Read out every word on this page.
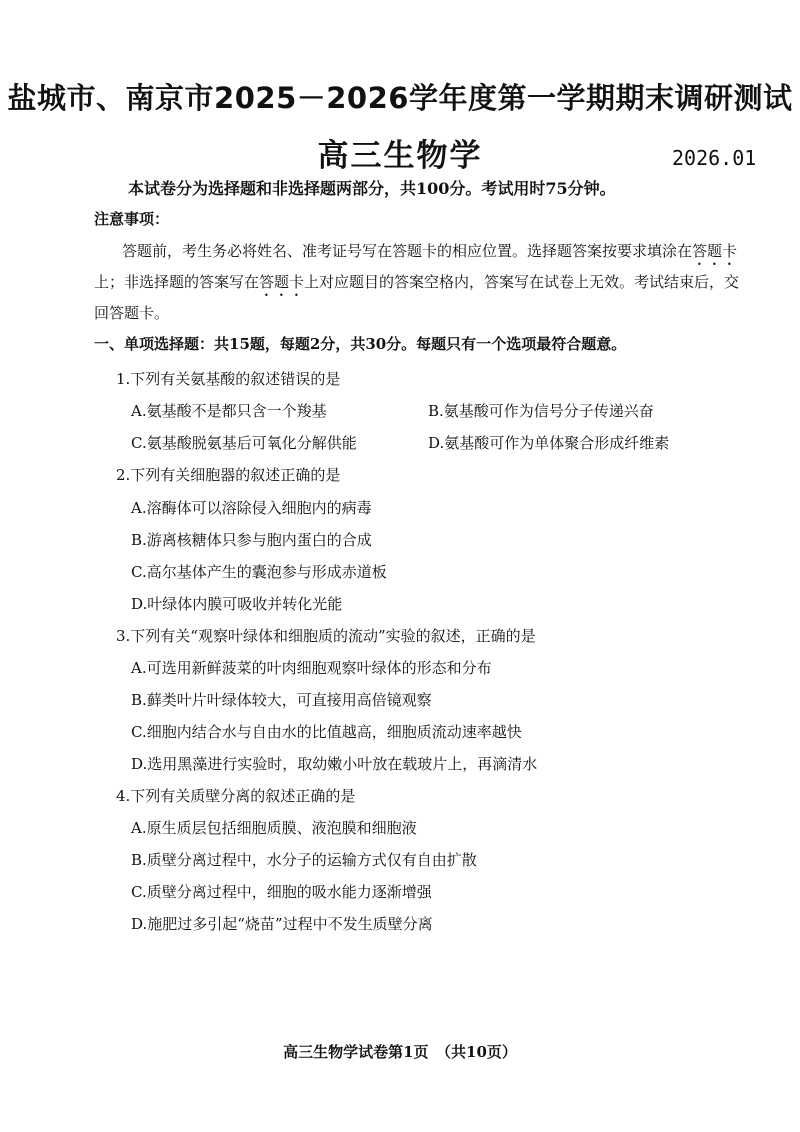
盐城市、南京市2025－2026学年度第一学期期末调研测试
高三生物学	2026.01
本试卷分为选择题和非选择题两部分，共100分。考试用时75分钟。
注意事项：
答题前，考生务必将姓名、准考证号写在答题卡的相应位置。选择题答案按要求填涂在答题卡
上；非选择题的答案写在答题卡上对应题目的答案空格内，答案写在试卷上无效。考试结束后，交
回答题卡。
一、单项选择题：共15题，每题2分，共30分。每题只有一个选项最符合题意。
1.下列有关氨基酸的叙述错误的是
A.氨基酸不是都只含一个羧基	B.氨基酸可作为信号分子传递兴奋
C.氨基酸脱氨基后可氧化分解供能	D.氨基酸可作为单体聚合形成纤维素
2.下列有关细胞器的叙述正确的是
A.溶酶体可以溶除侵入细胞内的病毒
B.游离核糖体只参与胞内蛋白的合成
C.高尔基体产生的囊泡参与形成赤道板
D.叶绿体内膜可吸收并转化光能
3.下列有关“观察叶绿体和细胞质的流动”实验的叙述，正确的是
A.可选用新鲜菠菜的叶肉细胞观察叶绿体的形态和分布
B.藓类叶片叶绿体较大，可直接用高倍镜观察
C.细胞内结合水与自由水的比值越高，细胞质流动速率越快
D.选用黑藻进行实验时，取幼嫩小叶放在载玻片上，再滴清水
4.下列有关质壁分离的叙述正确的是
A.原生质层包括细胞质膜、液泡膜和细胞液
B.质壁分离过程中，水分子的运输方式仅有自由扩散
C.质壁分离过程中，细胞的吸水能力逐渐增强
D.施肥过多引起“烧苗”过程中不发生质壁分离
高三生物学试卷第1页　（共10页）
